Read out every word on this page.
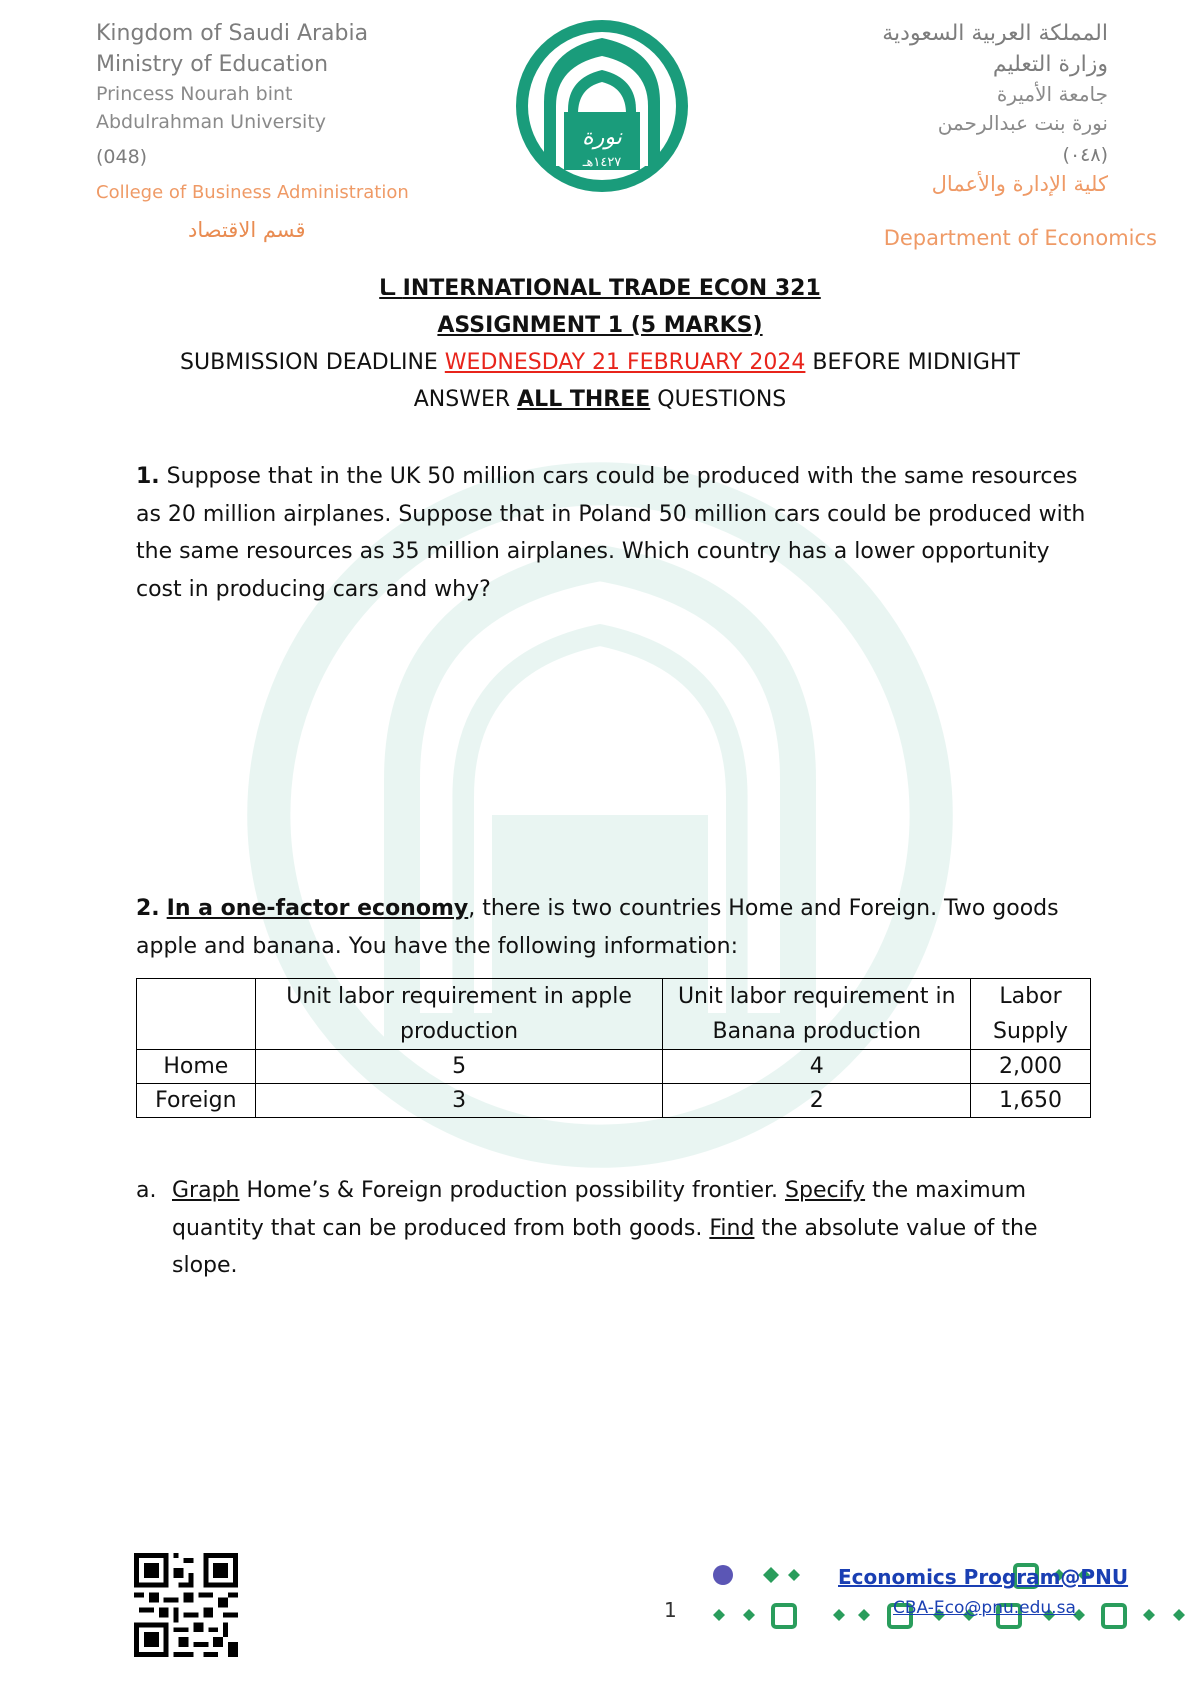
Kingdom of Saudi Arabia
Ministry of Education
Princess Nourah bint
Abdulrahman University
(048)
College of Business Administration
قسم الاقتصاد
نورة
١٤٢٧هـ
المملكة العربية السعودية
وزارة التعليم
جامعة الأميرة
نورة بنت عبدالرحمن
(٠٤٨)
كلية الإدارة والأعمال
Department of Economics
ـا INTERNATIONAL TRADE ECON 321
ASSIGNMENT 1 (5 MARKS)
SUBMISSION DEADLINE WEDNESDAY 21 FEBRUARY 2024 BEFORE MIDNIGHT
ANSWER ALL THREE QUESTIONS
1. Suppose that in the UK 50 million cars could be produced with the same resources as 20 million airplanes. Suppose that in Poland 50 million cars could be produced with the same resources as 35 million airplanes. Which country has a lower opportunity cost in producing cars and why?
2. In a one-factor economy, there is two countries Home and Foreign. Two goods apple and banana. You have the following information:
	Unit labor requirement in apple production	Unit labor requirement in Banana production	Labor Supply
Home	5	4	2,000
Foreign	3	2	1,650
a. Graph Home’s & Foreign production possibility frontier. Specify the maximum quantity that can be produced from both goods. Find the absolute value of the slope.
1
Economics Program@PNU
CBA-Eco@pnu.edu.sa
